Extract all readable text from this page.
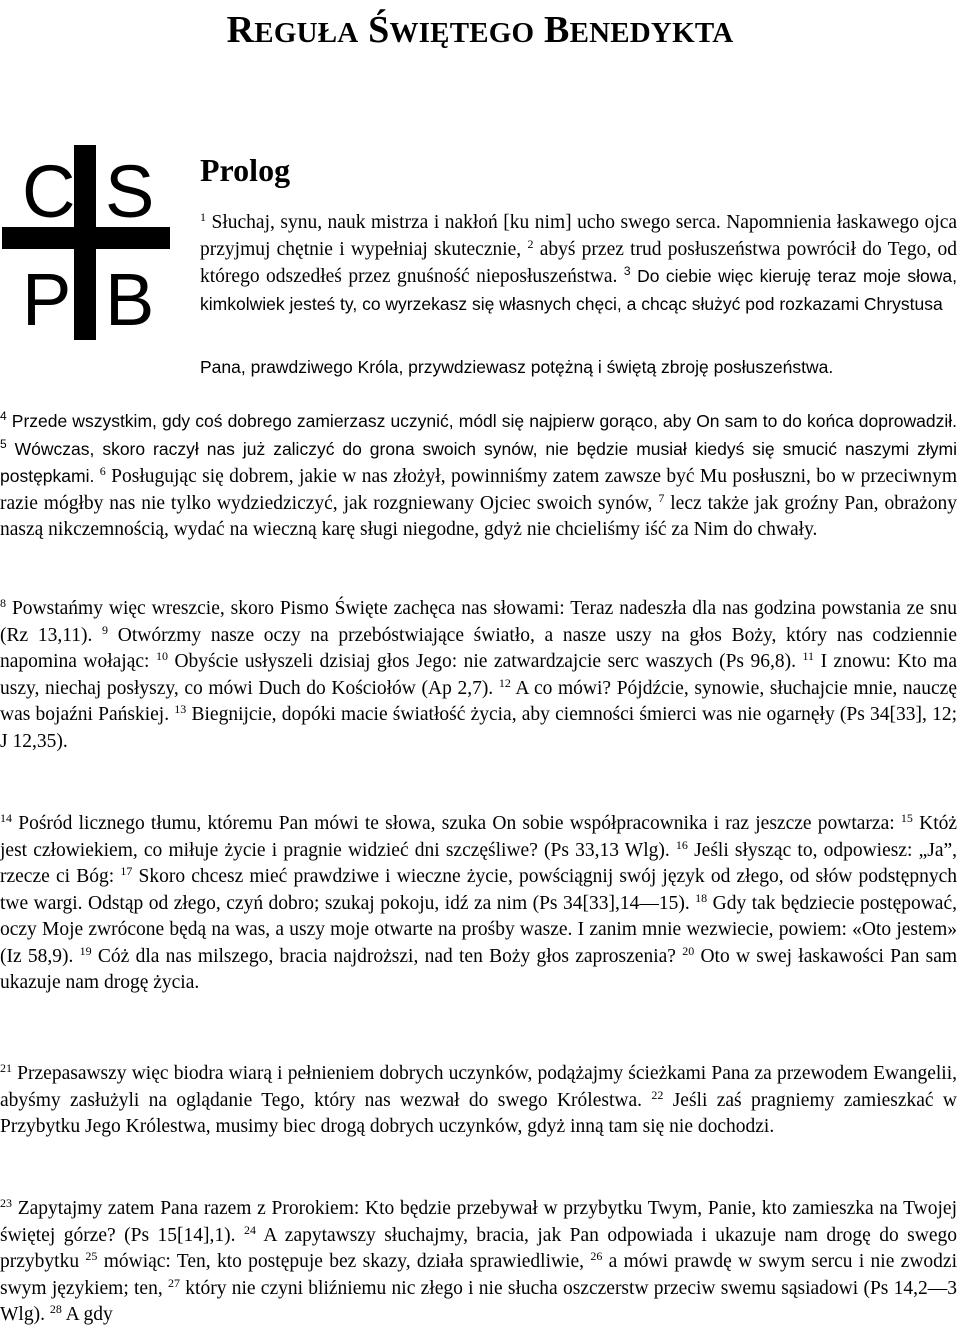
REGUŁA ŚWIĘTEGO BENEDYKTA
C S
P B
Prolog

$^1$ Słuchaj, synu, nauk mistrza i nakłoń [ku nim] ucho swego serca. Napomnienia łaskawego ojca przyjmuj chętnie i wypełniaj skutecznie, $^2$ abyś przez trud posłuszeństwa powrócił do Tego, od którego odszedłeś przez gnuśność nieposłuszeństwa. $^3$ Do ciebie więc kieruję teraz moje słowa, kimkolwiek jesteś ty, co wyrzekasz się własnych chęci, a chcąc służyć pod rozkazami Chrystusa

Pana, prawdziwego Króla, przywdziewasz potężną i świętą zbroję posłuszeństwa.

$^4$ Przede wszystkim, gdy coś dobrego zamierzasz uczynić, módl się najpierw gorąco, aby On sam to do końca doprowadził. $^5$ Wówczas, skoro raczył nas już zaliczyć do grona swoich synów, nie będzie musiał kiedyś się smucić naszymi złymi postępkami. $^6$ Posługując się dobrem, jakie w nas złożył, powinniśmy zatem zawsze być Mu posłuszni, bo w przeciwnym razie mógłby nas nie tylko wydziedziczyć, jak rozgniewany Ojciec swoich synów, $^7$ lecz także jak groźny Pan, obrażony naszą nikczemnością, wydać na wieczną karę sługi niegodne, gdyż nie chcieliśmy iść za Nim do chwały.

$^8$ Powstańmy więc wreszcie, skoro Pismo Święte zachęca nas słowami: Teraz nadeszła dla nas godzina powstania ze snu (Rz 13,11). $^9$ Otwórzmy nasze oczy na przebóstwiające światło, a nasze uszy na głos Boży, który nas codziennie napomina wołając: $^{10}$ Obyście usłyszeli dzisiaj głos Jego: nie zatwardzajcie serc waszych (Ps 96,8). $^{11}$ I znowu: Kto ma uszy, niechaj posłyszy, co mówi Duch do Kościołów (Ap 2,7). $^{12}$ A co mówi? Pójdźcie, synowie, słuchajcie mnie, nauczę was bojaźni Pańskiej. $^{13}$ Biegnijcie, dopóki macie światłość życia, aby ciemności śmierci was nie ogarnęły (Ps 34[33], 12; J 12,35).

$^{14}$ Pośród licznego tłumu, któremu Pan mówi te słowa, szuka On sobie współpracownika i raz jeszcze powtarza: $^{15}$ Któż jest człowiekiem, co miłuje życie i pragnie widzieć dni szczęśliwe? (Ps 33,13 Wlg). $^{16}$ Jeśli słysząc to, odpowiesz: „Ja”, rzecze ci Bóg: $^{17}$ Skoro chcesz mieć prawdziwe i wieczne życie, powściągnij swój język od złego, od słów podstępnych twe wargi. Odstąp od złego, czyń dobro; szukaj pokoju, idź za nim (Ps 34[33],14—15). $^{18}$ Gdy tak będziecie postępować, oczy Moje zwrócone będą na was, a uszy moje otwarte na prośby wasze. I zanim mnie wezwiecie, powiem: «Oto jestem» (Iz 58,9). $^{19}$ Cóż dla nas milszego, bracia najdroższi, nad ten Boży głos zaproszenia? $^{20}$ Oto w swej łaskawości Pan sam ukazuje nam drogę życia.

$^{21}$ Przepasawszy więc biodra wiarą i pełnieniem dobrych uczynków, podążajmy ścieżkami Pana za przewodem Ewangelii, abyśmy zasłużyli na oglądanie Tego, który nas wezwał do swego Królestwa. $^{22}$ Jeśli zaś pragniemy zamieszkać w Przybytku Jego Królestwa, musimy biec drogą dobrych uczynków, gdyż inną tam się nie dochodzi.

$^{23}$ Zapytajmy zatem Pana razem z Prorokiem: Kto będzie przebywał w przybytku Twym, Panie, kto zamieszka na Twojej świętej górze? (Ps 15[14],1). $^{24}$ A zapytawszy słuchajmy, bracia, jak Pan odpowiada i ukazuje nam drogę do swego przybytku $^{25}$ mówiąc: Ten, kto postępuje bez skazy, działa sprawiedliwie, $^{26}$ a mówi prawdę w swym sercu i nie zwodzi swym językiem; ten, $^{27}$ który nie czyni bliźniemu nic złego i nie słucha oszczerstw przeciw swemu sąsiadowi (Ps 14,2—3 Wlg). $^{28}$ A gdy
